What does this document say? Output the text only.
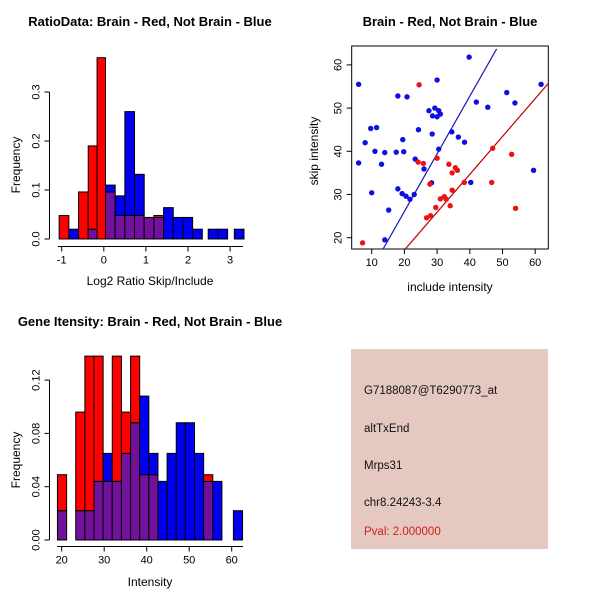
RatioData: Brain - Red, Not Brain - Blue
-1	0	1	2	3
0.0
0.1
0.2
0.3
Log2 Ratio Skip/Include
Frequency
Brain - Red, Not Brain - Blue
10 20 30 40 50 60
20
30
40
50
60
include intensity
skip intensity
Gene Itensity: Brain - Red, Not Brain - Blue
20	30	40	50	60
0.00
0.04
0.08
0.12
Intensity
Frequency
G7188087@T6290773_at
altTxEnd
Mrps31
chr8.24243-3.4
Pval: 2.000000
